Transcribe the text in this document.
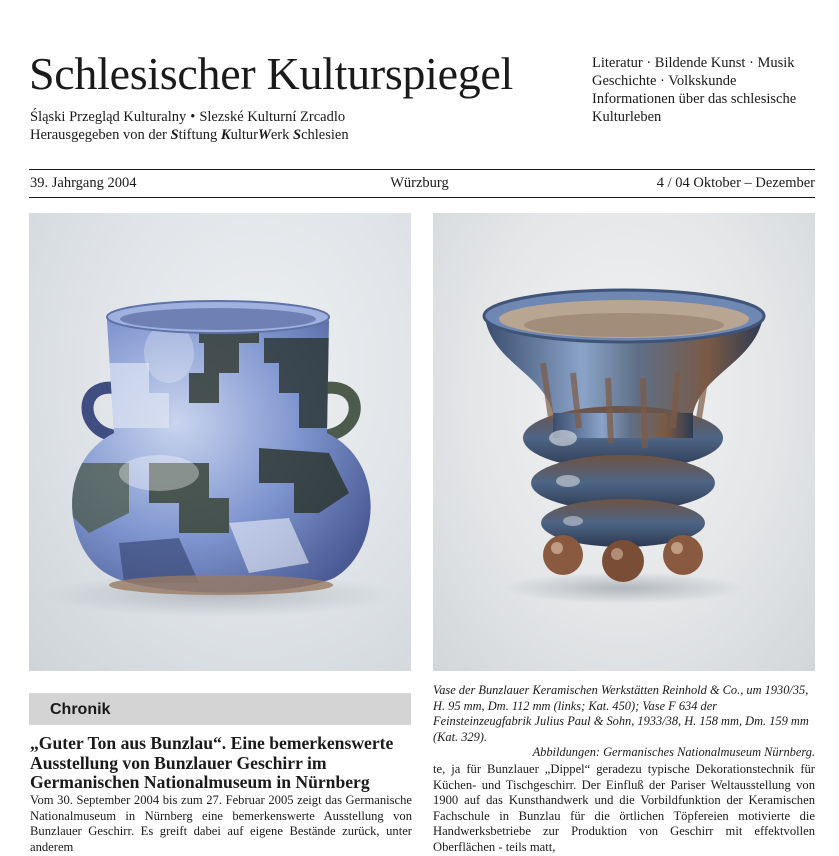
Schlesischer Kulturspiegel
Śląski Przegląd Kulturalny • Slezské Kulturní Zrcadlo
Herausgegeben von der Stiftung KulturWerk Schlesien
Literatur · Bildende Kunst · Musik
Geschichte · Volkskunde
Informationen über das schlesische
Kulturleben
39. Jahrgang 2004	Würzburg	4 / 04 Oktober – Dezember
Vase der Bunzlauer Keramischen Werkstätten Reinhold & Co., um 1930/35, H. 95 mm, Dm. 112 mm (links; Kat. 450); Vase F 634 der Feinsteinzeugfabrik Julius Paul & Sohn, 1933/38, H. 158 mm, Dm. 159 mm (Kat. 329).
Abbildungen: Germanisches Nationalmuseum Nürnberg.
Chronik
„Guter Ton aus Bunzlau“. Eine bemerkenswerte Ausstellung von Bunzlauer Geschirr im Germanischen Nationalmuseum in Nürnberg
Vom 30. September 2004 bis zum 27. Februar 2005 zeigt das Germanische Nationalmuseum in Nürnberg eine bemerkenswerte Ausstellung von Bunzlauer Geschirr. Es greift dabei auf eigene Bestände zurück, unter anderem
te, ja für Bunzlauer „Dippel“ geradezu typische Dekorationstechnik für Küchen- und Tischgeschirr. Der Einfluß der Pariser Weltausstellung von 1900 auf das Kunsthandwerk und die Vorbildfunktion der Keramischen Fachschule in Bunzlau für die örtlichen Töpfereien motivierte die Handwerksbetriebe zur Produktion von Geschirr mit effektvollen Oberflächen - teils matt,
